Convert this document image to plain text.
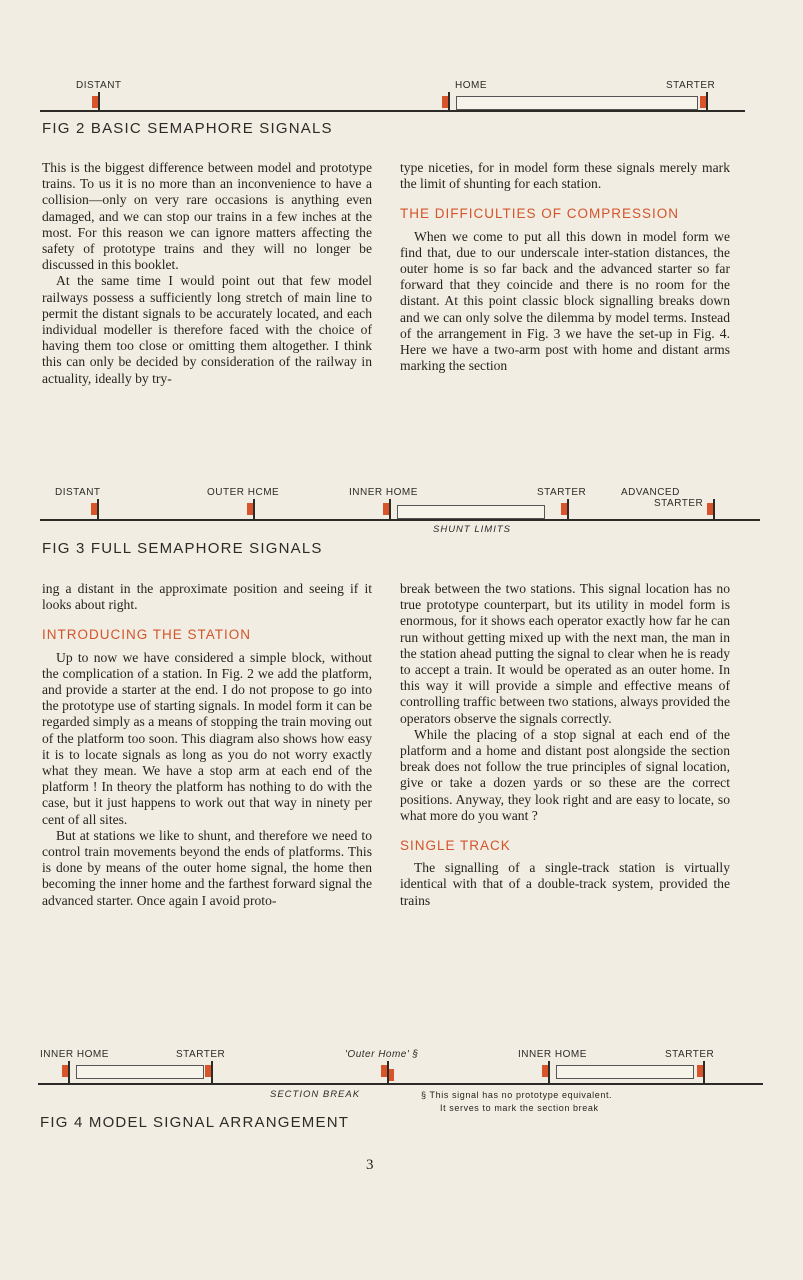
DISTANT	HOME	STARTER
FIG 2 BASIC SEMAPHORE SIGNALS

This is the biggest difference between model and prototype trains. To us it is no more than an inconvenience to have a collision—only on very rare occasions is anything even damaged, and we can stop our trains in a few inches at the most. For this reason we can ignore matters affecting the safety of prototype trains and they will no longer be discussed in this booklet.

At the same time I would point out that few model railways possess a sufficiently long stretch of main line to permit the distant signals to be accurately located, and each individual modeller is therefore faced with the choice of having them too close or omitting them altogether. I think this can only be decided by consideration of the railway in actuality, ideally by try-

type niceties, for in model form these signals merely mark the limit of shunting for each station.

THE DIFFICULTIES OF COMPRESSION

When we come to put all this down in model form we find that, due to our underscale inter-station distances, the outer home is so far back and the advanced starter so far forward that they coincide and there is no room for the distant. At this point classic block signalling breaks down and we can only solve the dilemma by model terms. Instead of the arrangement in Fig. 3 we have the set-up in Fig. 4. Here we have a two-arm post with home and distant arms marking the section

DISTANT	OUTER HCME	INNER HOME	STARTER	ADVANCED
STARTER
SHUNT LIMITS
FIG 3 FULL SEMAPHORE SIGNALS

ing a distant in the approximate position and seeing if it looks about right.

INTRODUCING THE STATION

Up to now we have considered a simple block, without the complication of a station. In Fig. 2 we add the platform, and provide a starter at the end. I do not propose to go into the prototype use of starting signals. In model form it can be regarded simply as a means of stopping the train moving out of the platform too soon. This diagram also shows how easy it is to locate signals as long as you do not worry exactly what they mean. We have a stop arm at each end of the platform ! In theory the platform has nothing to do with the case, but it just happens to work out that way in ninety per cent of all sites.

But at stations we like to shunt, and therefore we need to control train movements beyond the ends of platforms. This is done by means of the outer home signal, the home then becoming the inner home and the farthest forward signal the advanced starter. Once again I avoid proto-

break between the two stations. This signal location has no true prototype counterpart, but its utility in model form is enormous, for it shows each operator exactly how far he can run without getting mixed up with the next man, the man in the station ahead putting the signal to clear when he is ready to accept a train. It would be operated as an outer home. In this way it will provide a simple and effective means of controlling traffic between two stations, always provided the operators observe the signals correctly.

While the placing of a stop signal at each end of the platform and a home and distant post alongside the section break does not follow the true principles of signal location, give or take a dozen yards or so these are the correct positions. Anyway, they look right and are easy to locate, so what more do you want ?

SINGLE TRACK

The signalling of a single-track station is virtually identical with that of a double-track system, provided the trains

INNER HOME	STARTER	'Outer Home' §	INNER HOME	STARTER
SECTION BREAK	§ This signal has no prototype equivalent.
It serves to mark the section break
FIG 4 MODEL SIGNAL ARRANGEMENT
3
